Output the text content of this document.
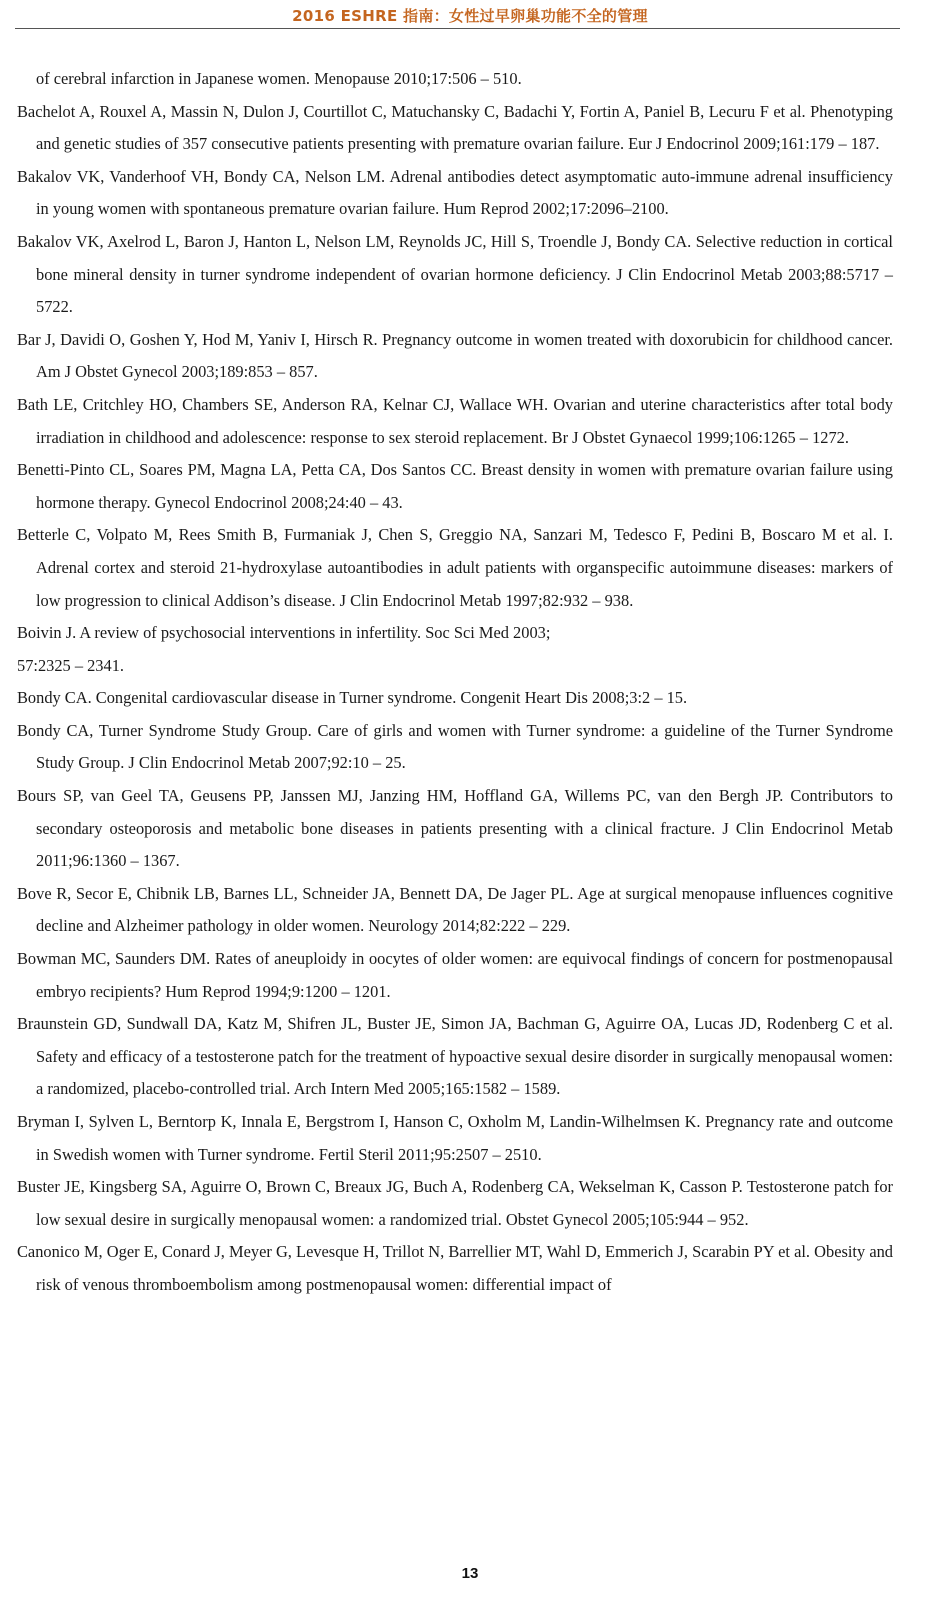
2016 ESHRE 指南：女性过早卵巢功能不全的管理

of cerebral infarction in Japanese women. Menopause 2010;17:506 – 510.

Bachelot A, Rouxel A, Massin N, Dulon J, Courtillot C, Matuchansky C, Badachi Y, Fortin A, Paniel B, Lecuru F et al. Phenotyping and genetic studies of 357 consecutive patients presenting with premature ovarian failure. Eur J Endocrinol 2009;161:179 – 187.

Bakalov VK, Vanderhoof VH, Bondy CA, Nelson LM. Adrenal antibodies detect asymptomatic auto-immune adrenal insufficiency in young women with spontaneous premature ovarian failure. Hum Reprod 2002;17:2096–2100.

Bakalov VK, Axelrod L, Baron J, Hanton L, Nelson LM, Reynolds JC, Hill S, Troendle J, Bondy CA. Selective reduction in cortical bone mineral density in turner syndrome independent of ovarian hormone deficiency. J Clin Endocrinol Metab 2003;88:5717 – 5722.

Bar J, Davidi O, Goshen Y, Hod M, Yaniv I, Hirsch R. Pregnancy outcome in women treated with doxorubicin for childhood cancer. Am J Obstet Gynecol 2003;189:853 – 857.

Bath LE, Critchley HO, Chambers SE, Anderson RA, Kelnar CJ, Wallace WH. Ovarian and uterine characteristics after total body irradiation in childhood and adolescence: response to sex steroid replacement. Br J Obstet Gynaecol 1999;106:1265 – 1272.

Benetti-Pinto CL, Soares PM, Magna LA, Petta CA, Dos Santos CC. Breast density in women with premature ovarian failure using hormone therapy. Gynecol Endocrinol 2008;24:40 – 43.

Betterle C, Volpato M, Rees Smith B, Furmaniak J, Chen S, Greggio NA, Sanzari M, Tedesco F, Pedini B, Boscaro M et al. I. Adrenal cortex and steroid 21-hydroxylase autoantibodies in adult patients with organspecific autoimmune diseases: markers of low progression to clinical Addison’s disease. J Clin Endocrinol Metab 1997;82:932 – 938.

Boivin J. A review of psychosocial interventions in infertility. Soc Sci Med 2003;

57:2325 – 2341.

Bondy CA. Congenital cardiovascular disease in Turner syndrome. Congenit Heart Dis 2008;3:2 – 15.

Bondy CA, Turner Syndrome Study Group. Care of girls and women with Turner syndrome: a guideline of the Turner Syndrome Study Group. J Clin Endocrinol Metab 2007;92:10 – 25.

Bours SP, van Geel TA, Geusens PP, Janssen MJ, Janzing HM, Hoffland GA, Willems PC, van den Bergh JP. Contributors to secondary osteoporosis and metabolic bone diseases in patients presenting with a clinical fracture. J Clin Endocrinol Metab 2011;96:1360 – 1367.

Bove R, Secor E, Chibnik LB, Barnes LL, Schneider JA, Bennett DA, De Jager PL. Age at surgical menopause influences cognitive decline and Alzheimer pathology in older women. Neurology 2014;82:222 – 229.

Bowman MC, Saunders DM. Rates of aneuploidy in oocytes of older women: are equivocal findings of concern for postmenopausal embryo recipients? Hum Reprod 1994;9:1200 – 1201.

Braunstein GD, Sundwall DA, Katz M, Shifren JL, Buster JE, Simon JA, Bachman G, Aguirre OA, Lucas JD, Rodenberg C et al. Safety and efficacy of a testosterone patch for the treatment of hypoactive sexual desire disorder in surgically menopausal women: a randomized, placebo-controlled trial. Arch Intern Med 2005;165:1582 – 1589.

Bryman I, Sylven L, Berntorp K, Innala E, Bergstrom I, Hanson C, Oxholm M, Landin-Wilhelmsen K. Pregnancy rate and outcome in Swedish women with Turner syndrome. Fertil Steril 2011;95:2507 – 2510.

Buster JE, Kingsberg SA, Aguirre O, Brown C, Breaux JG, Buch A, Rodenberg CA, Wekselman K, Casson P. Testosterone patch for low sexual desire in surgically menopausal women: a randomized trial. Obstet Gynecol 2005;105:944 – 952.

Canonico M, Oger E, Conard J, Meyer G, Levesque H, Trillot N, Barrellier MT, Wahl D, Emmerich J, Scarabin PY et al. Obesity and risk of venous thromboembolism among postmenopausal women: differential impact of

13
